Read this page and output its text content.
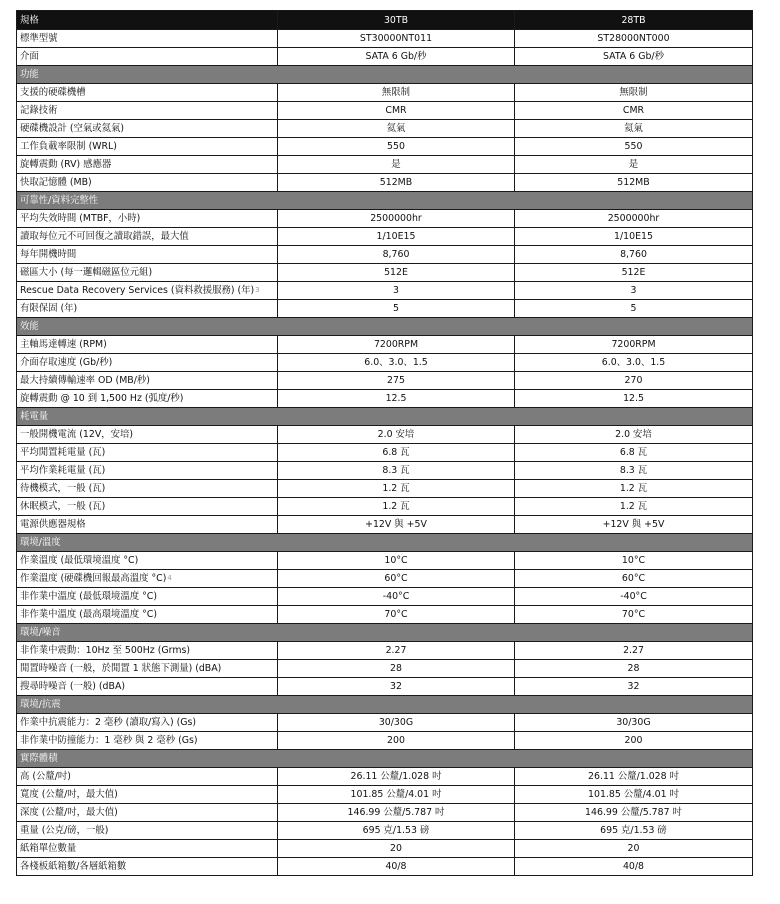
規格	30TB	28TB
標準型號	ST30000NT011	ST28000NT000
介面	SATA 6 Gb/秒	SATA 6 Gb/秒
功能		
支援的硬碟機槽	無限制	無限制
記錄技術	CMR	CMR
硬碟機設計 (空氣或氦氣)	氦氣	氦氣
工作負載率限制 (WRL)	550	550
旋轉震動 (RV) 感應器	是	是
快取記憶體 (MB)	512MB	512MB
可靠性/資料完整性		
平均失效時間 (MTBF，小時)	2500000hr	2500000hr
讀取每位元不可回復之讀取錯誤，最大值	1/10E15	1/10E15
每年開機時間	8,760	8,760
磁區大小 (每一邏輯磁區位元組)	512E	512E
Rescue Data Recovery Services (資料救援服務) (年)$^3$	3	3
有限保固 (年)	5	5
效能		
主軸馬達轉速 (RPM)	7200RPM	7200RPM
介面存取速度 (Gb/秒)	6.0、3.0、1.5	6.0、3.0、1.5
最大持續傳輸速率 OD (MB/秒)	275	270
旋轉震動 @ 10 到 1,500 Hz (弧度/秒)	12.5	12.5
耗電量		
一般開機電流 (12V，安培)	2.0 安培	2.0 安培
平均閒置耗電量 (瓦)	6.8 瓦	6.8 瓦
平均作業耗電量 (瓦)	8.3 瓦	8.3 瓦
待機模式，一般 (瓦)	1.2 瓦	1.2 瓦
休眠模式，一般 (瓦)	1.2 瓦	1.2 瓦
電源供應器規格	+12V 與 +5V	+12V 與 +5V
環境/溫度		
作業溫度 (最低環境溫度 °C)	10°C	10°C
作業溫度 (硬碟機回報最高溫度 °C)$^4$	60°C	60°C
非作業中溫度 (最低環境溫度 °C)	-40°C	-40°C
非作業中溫度 (最高環境溫度 °C)	70°C	70°C
環境/噪音		
非作業中震動：10Hz 至 500Hz (Grms)	2.27	2.27
閒置時噪音 (一般，於閒置 1 狀態下測量) (dBA)	28	28
搜尋時噪音 (一般) (dBA)	32	32
環境/抗震		
作業中抗震能力：2 毫秒 (讀取/寫入) (Gs)	30/30G	30/30G
非作業中防撞能力：1 毫秒 與 2 毫秒 (Gs)	200	200
實際體積		
高 (公釐/吋)	26.11 公釐/1.028 吋	26.11 公釐/1.028 吋
寬度 (公釐/吋，最大值)	101.85 公釐/4.01 吋	101.85 公釐/4.01 吋
深度 (公釐/吋，最大值)	146.99 公釐/5.787 吋	146.99 公釐/5.787 吋
重量 (公克/磅，一般)	695 克/1.53 磅	695 克/1.53 磅
紙箱單位數量	20	20
各棧板紙箱數/各層紙箱數	40/8	40/8
